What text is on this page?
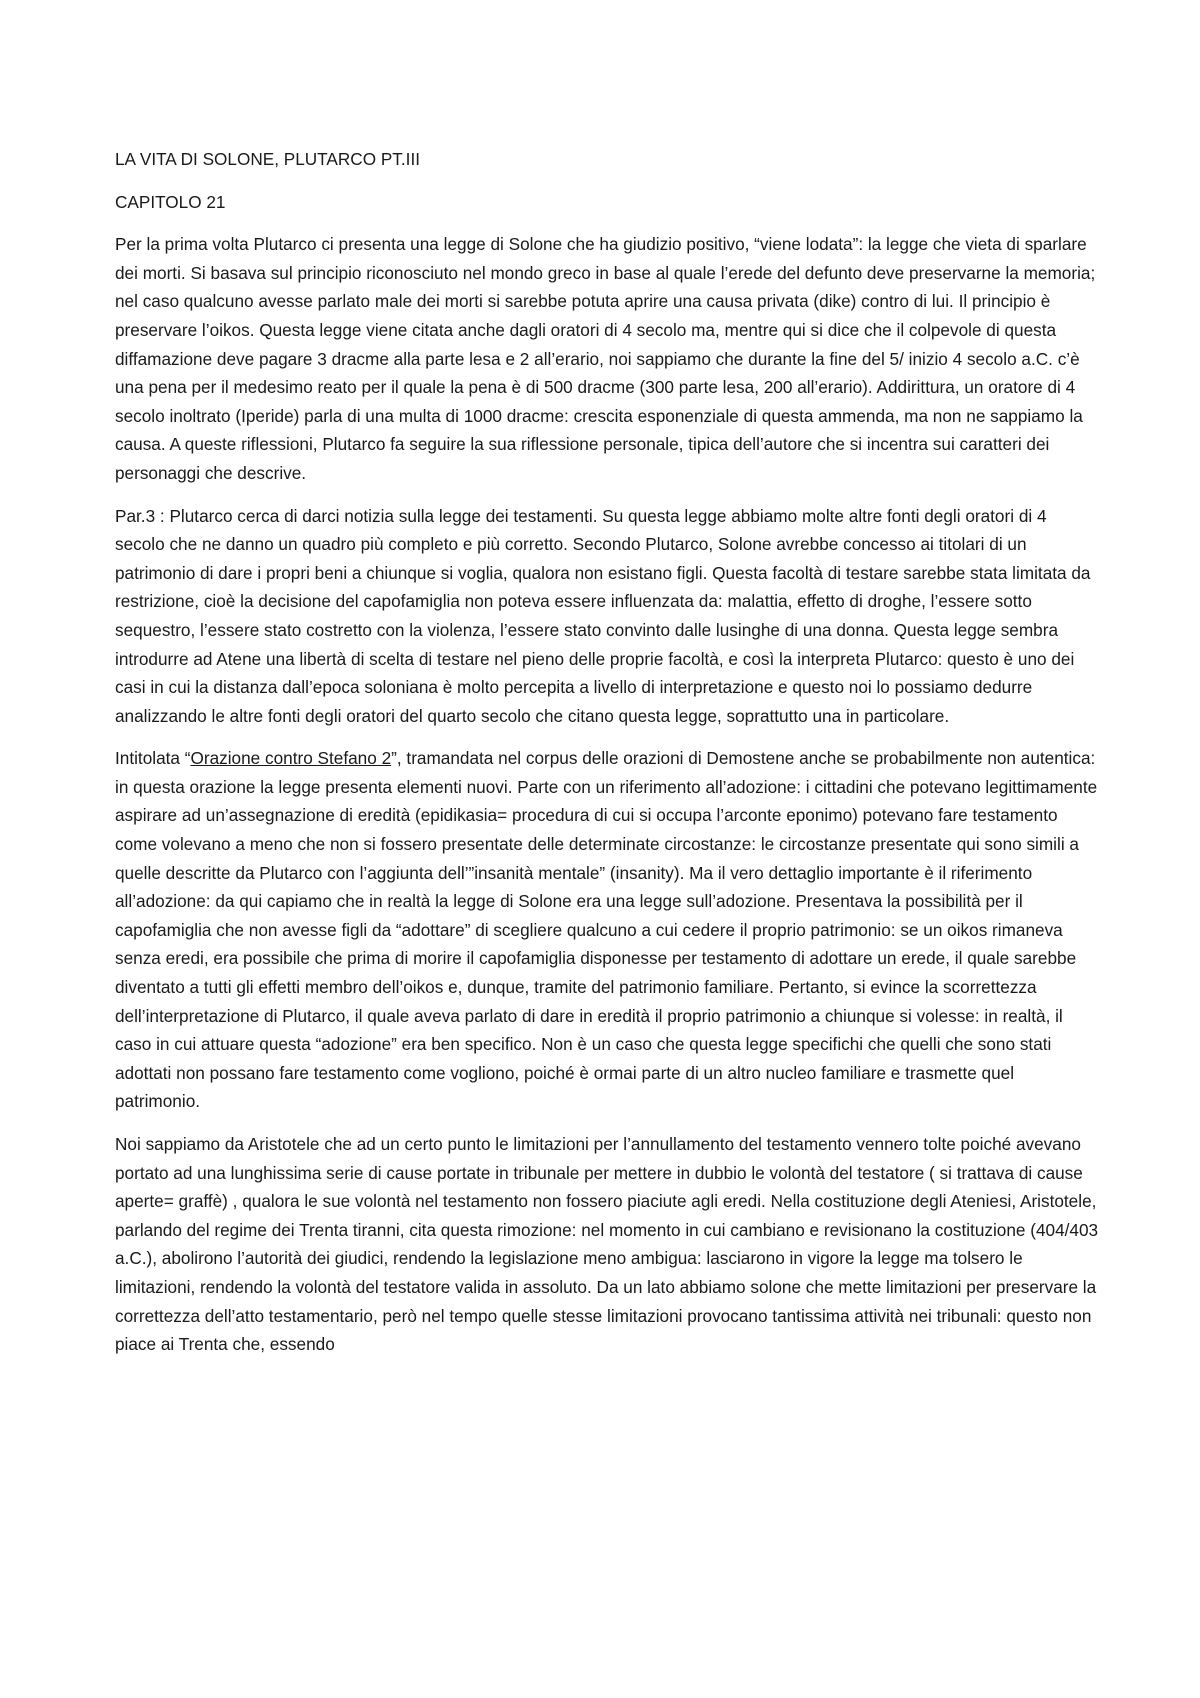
LA VITA DI SOLONE, PLUTARCO PT.III
CAPITOLO 21

Per la prima volta Plutarco ci presenta una legge di Solone che ha giudizio positivo, “viene lodata”: la legge che vieta di sparlare dei morti. Si basava sul principio riconosciuto nel mondo greco in base al quale l’erede del defunto deve preservarne la memoria; nel caso qualcuno avesse parlato male dei morti si sarebbe potuta aprire una causa privata (dike) contro di lui. Il principio è preservare l’oikos. Questa legge viene citata anche dagli oratori di 4 secolo ma, mentre qui si dice che il colpevole di questa diffamazione deve pagare 3 dracme alla parte lesa e 2 all’erario, noi sappiamo che durante la fine del 5/ inizio 4 secolo a.C. c’è una pena per il medesimo reato per il quale la pena è di 500 dracme (300 parte lesa, 200 all’erario). Addirittura, un oratore di 4 secolo inoltrato (Iperide) parla di una multa di 1000 dracme: crescita esponenziale di questa ammenda, ma non ne sappiamo la causa. A queste riflessioni, Plutarco fa seguire la sua riflessione personale, tipica dell’autore che si incentra sui caratteri dei personaggi che descrive.

Par.3 : Plutarco cerca di darci notizia sulla legge dei testamenti. Su questa legge abbiamo molte altre fonti degli oratori di 4 secolo che ne danno un quadro più completo e più corretto. Secondo Plutarco, Solone avrebbe concesso ai titolari di un patrimonio di dare i propri beni a chiunque si voglia, qualora non esistano figli. Questa facoltà di testare sarebbe stata limitata da restrizione, cioè la decisione del capofamiglia non poteva essere influenzata da: malattia, effetto di droghe, l’essere sotto sequestro, l’essere stato costretto con la violenza, l’essere stato convinto dalle lusinghe di una donna. Questa legge sembra introdurre ad Atene una libertà di scelta di testare nel pieno delle proprie facoltà, e così la interpreta Plutarco: questo è uno dei casi in cui la distanza dall’epoca soloniana è molto percepita a livello di interpretazione e questo noi lo possiamo dedurre analizzando le altre fonti degli oratori del quarto secolo che citano questa legge, soprattutto una in particolare.

Intitolata “Orazione contro Stefano 2”, tramandata nel corpus delle orazioni di Demostene anche se probabilmente non autentica: in questa orazione la legge presenta elementi nuovi. Parte con un riferimento all’adozione: i cittadini che potevano legittimamente aspirare ad un’assegnazione di eredità (epidikasia= procedura di cui si occupa l’arconte eponimo) potevano fare testamento come volevano a meno che non si fossero presentate delle determinate circostanze: le circostanze presentate qui sono simili a quelle descritte da Plutarco con l’aggiunta dell’”insanità mentale” (insanity). Ma il vero dettaglio importante è il riferimento all’adozione: da qui capiamo che in realtà la legge di Solone era una legge sull’adozione. Presentava la possibilità per il capofamiglia che non avesse figli da “adottare” di scegliere qualcuno a cui cedere il proprio patrimonio: se un oikos rimaneva senza eredi, era possibile che prima di morire il capofamiglia disponesse per testamento di adottare un erede, il quale sarebbe diventato a tutti gli effetti membro dell’oikos e, dunque, tramite del patrimonio familiare. Pertanto, si evince la scorrettezza dell’interpretazione di Plutarco, il quale aveva parlato di dare in eredità il proprio patrimonio a chiunque si volesse: in realtà, il caso in cui attuare questa “adozione” era ben specifico. Non è un caso che questa legge specifichi che quelli che sono stati adottati non possano fare testamento come vogliono, poiché è ormai parte di un altro nucleo familiare e trasmette quel patrimonio.

Noi sappiamo da Aristotele che ad un certo punto le limitazioni per l’annullamento del testamento vennero tolte poiché avevano portato ad una lunghissima serie di cause portate in tribunale per mettere in dubbio le volontà del testatore ( si trattava di cause aperte= graffè) , qualora le sue volontà nel testamento non fossero piaciute agli eredi. Nella costituzione degli Ateniesi, Aristotele, parlando del regime dei Trenta tiranni, cita questa rimozione: nel momento in cui cambiano e revisionano la costituzione (404/403 a.C.), abolirono l’autorità dei giudici, rendendo la legislazione meno ambigua: lasciarono in vigore la legge ma tolsero le limitazioni, rendendo la volontà del testatore valida in assoluto. Da un lato abbiamo solone che mette limitazioni per preservare la correttezza dell’atto testamentario, però nel tempo quelle stesse limitazioni provocano tantissima attività nei tribunali: questo non piace ai Trenta che, essendo
